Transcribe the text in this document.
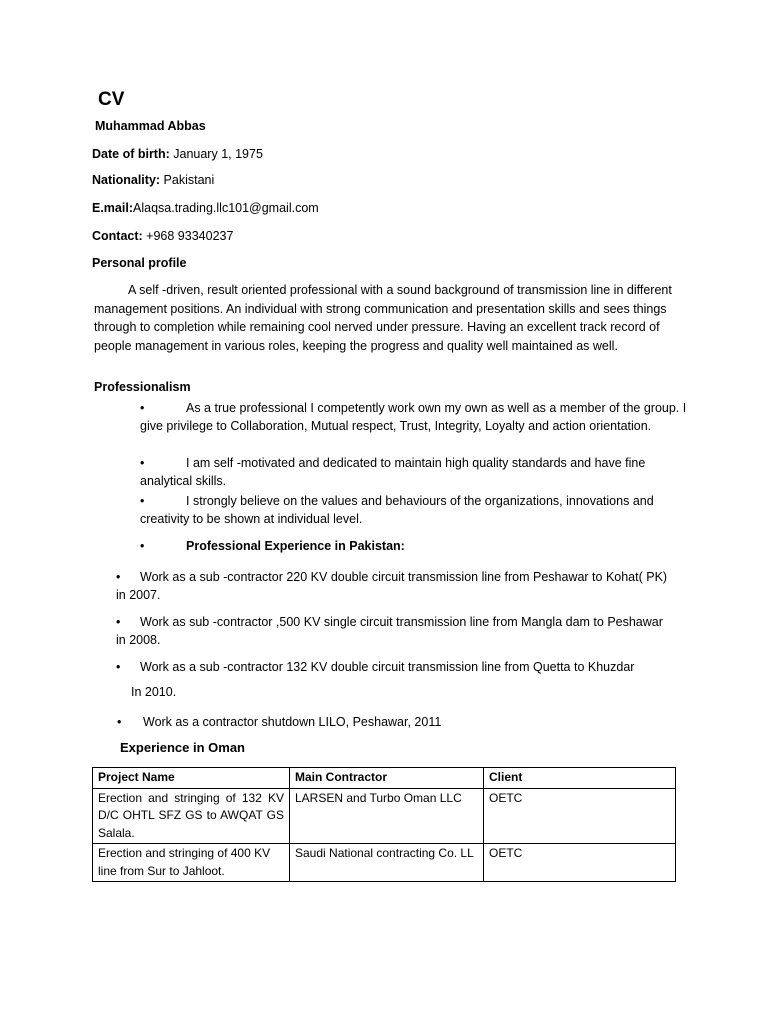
CV
Muhammad Abbas
Date of birth: January 1, 1975
Nationality: Pakistani
E.mail:Alaqsa.trading.llc101@gmail.com
Contact: +968 93340237
Personal profile
A self -driven, result oriented professional with a sound background of transmission line in different management positions. An individual with strong communication and presentation skills and sees things through to completion while remaining cool nerved under pressure. Having an excellent track record of people management in various roles, keeping the progress and quality well maintained as well.
Professionalism
•	As a true professional I competently work own my own as well as a member of the group. I give privilege to Collaboration, Mutual respect, Trust, Integrity, Loyalty and action orientation.
•	I am self -motivated and dedicated to maintain high quality standards and have fine analytical skills.
•	I strongly believe on the values and behaviours of the organizations, innovations and creativity to be shown at individual level.
•	Professional Experience in Pakistan:
• Work as a sub -contractor 220 KV double circuit transmission line from Peshawar to Kohat( PK) in 2007.
• Work as sub -contractor ,500 KV single circuit transmission line from Mangla dam to Peshawar in 2008.
• Work as a sub -contractor 132 KV double circuit transmission line from Quetta to Khuzdar
In 2010.
• Work as a contractor shutdown LILO, Peshawar, 2011
Experience in Oman
Project Name	Main Contractor	Client
Erection and stringing of 132 KV D/C OHTL SFZ GS to AWQAT GS Salala.	LARSEN and Turbo Oman LLC	OETC
Erection and stringing of 400 KV line from Sur to Jahloot.	Saudi National contracting Co. LL	OETC
